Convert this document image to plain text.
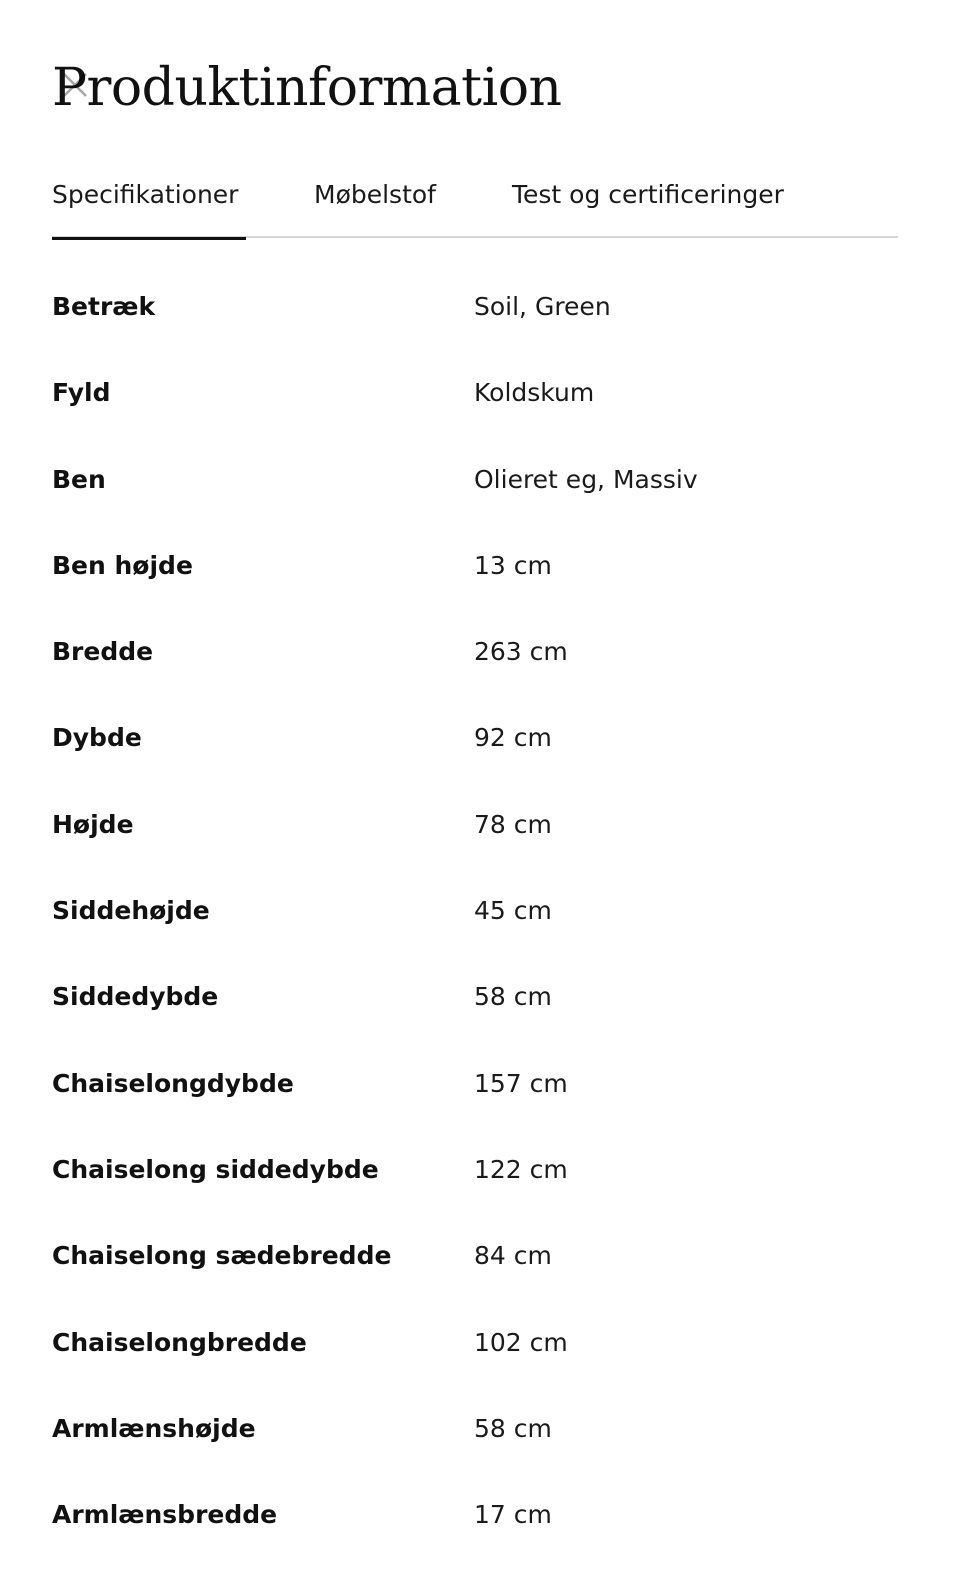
Produktinformation
Specifikationer	Møbelstof	Test og certificeringer
Betræk	Soil, Green
Fyld	Koldskum
Ben	Olieret eg, Massiv
Ben højde	13 cm
Bredde	263 cm
Dybde	92 cm
Højde	78 cm
Siddehøjde	45 cm
Siddedybde	58 cm
Chaiselongdybde	157 cm
Chaiselong siddedybde	122 cm
Chaiselong sædebredde	84 cm
Chaiselongbredde	102 cm
Armlænshøjde	58 cm
Armlænsbredde	17 cm
